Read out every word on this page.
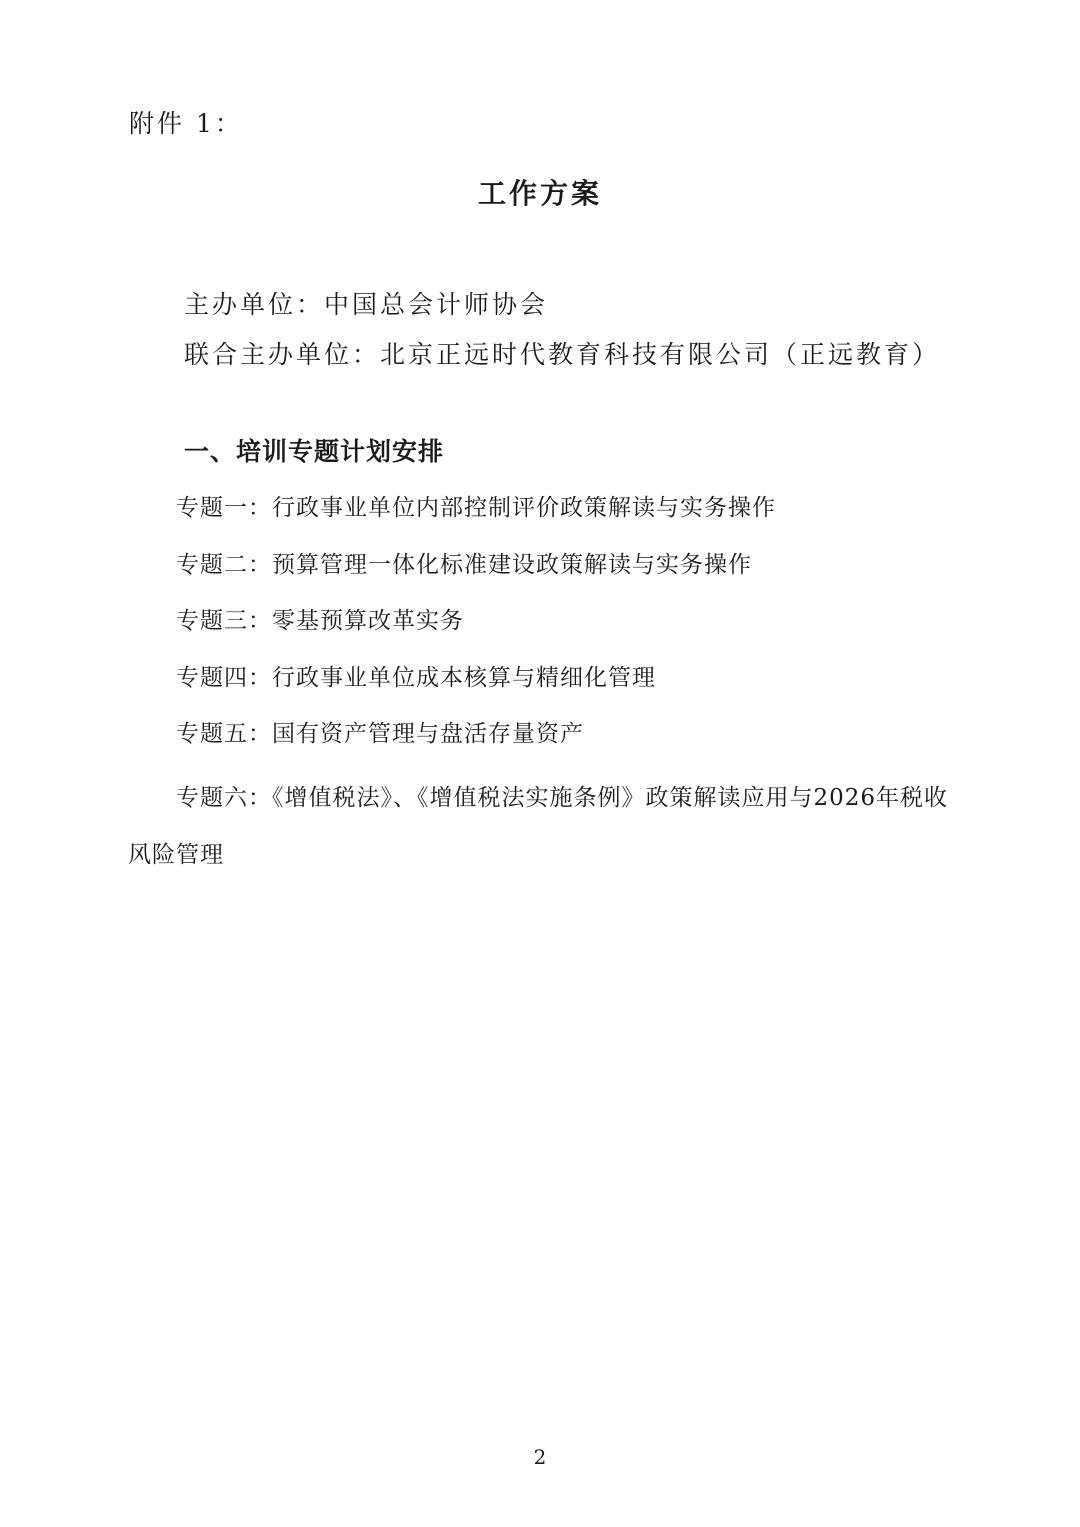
附件 1：
工作方案
主办单位：中国总会计师协会
联合主办单位：北京正远时代教育科技有限公司（正远教育）
一、培训专题计划安排
专题一：行政事业单位内部控制评价政策解读与实务操作
专题二：预算管理一体化标准建设政策解读与实务操作
专题三：零基预算改革实务
专题四：行政事业单位成本核算与精细化管理
专题五：国有资产管理与盘活存量资产
专题六：《增值税法》、《增值税法实施条例》政策解读应用与2026年税收风险管理
2
